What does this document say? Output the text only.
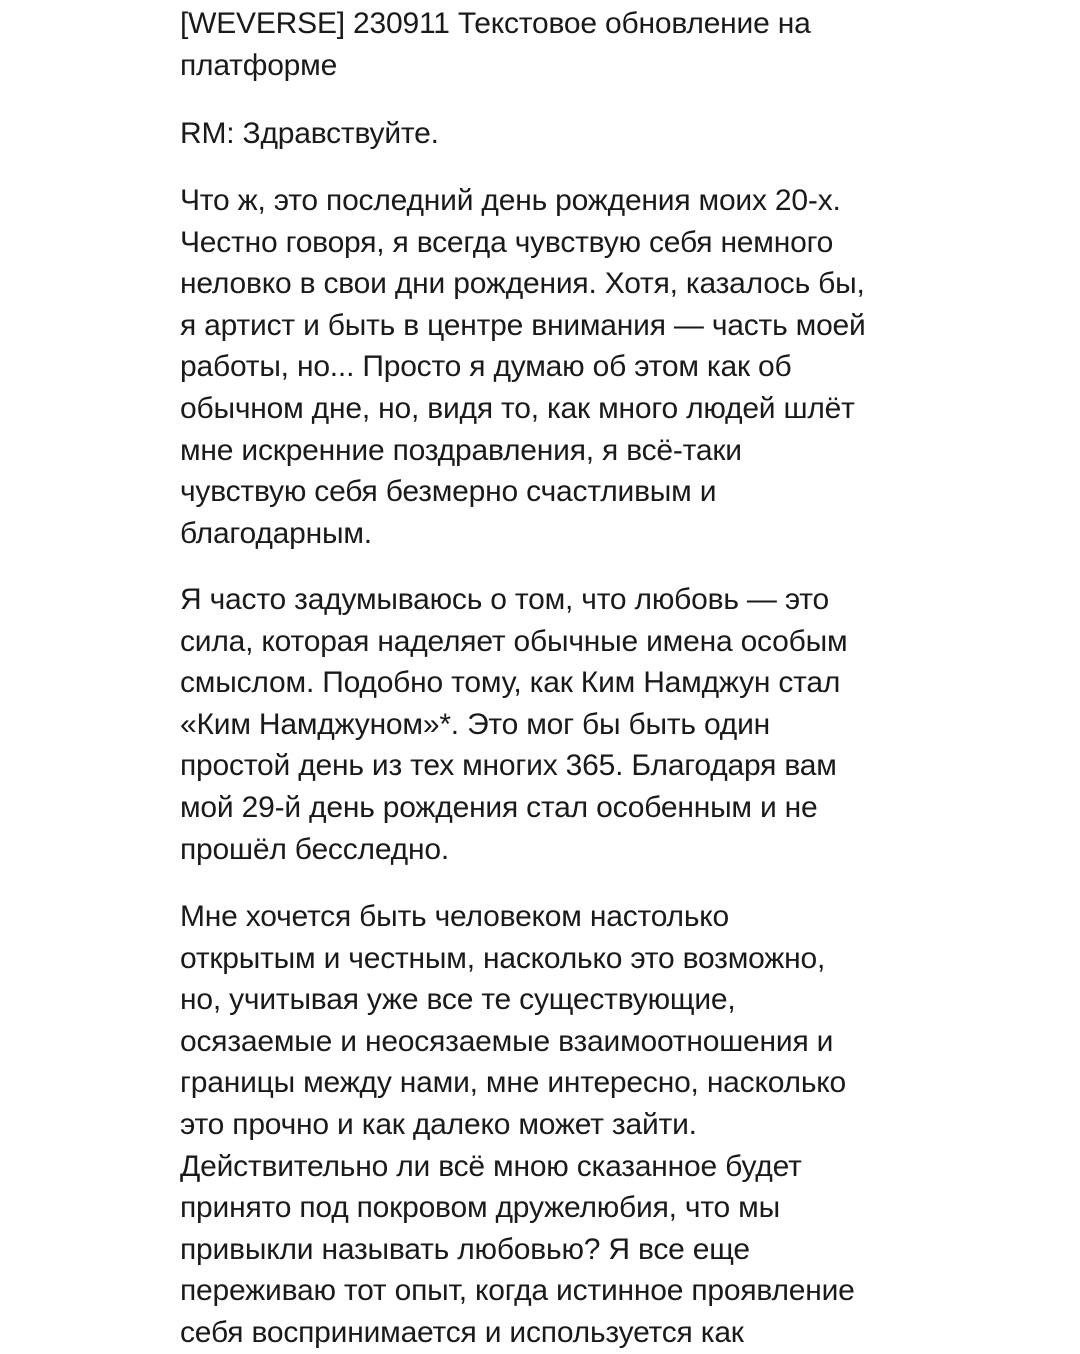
[WEVERSE] 230911 Текстовое обновление на
платформе

RM: Здравствуйте.

Что ж, это последний день рождения моих 20-х.
Честно говоря, я всегда чувствую себя немного
неловко в свои дни рождения. Хотя, казалось бы,
я артист и быть в центре внимания — часть моей
работы, но... Просто я думаю об этом как об
обычном дне, но, видя то, как много людей шлёт
мне искренние поздравления, я всё-таки
чувствую себя безмерно счастливым и
благодарным.

Я часто задумываюсь о том, что любовь — это
сила, которая наделяет обычные имена особым
смыслом. Подобно тому, как Ким Намджун стал
«Ким Намджуном»*. Это мог бы быть один
простой день из тех многих 365. Благодаря вам
мой 29-й день рождения стал особенным и не
прошёл бесследно.

Мне хочется быть человеком настолько
открытым и честным, насколько это возможно,
но, учитывая уже все те существующие,
осязаемые и неосязаемые взаимоотношения и
границы между нами, мне интересно, насколько
это прочно и как далеко может зайти.
Действительно ли всё мною сказанное будет
принято под покровом дружелюбия, что мы
привыкли называть любовью? Я все еще
переживаю тот опыт, когда истинное проявление
себя воспринимается и используется как
